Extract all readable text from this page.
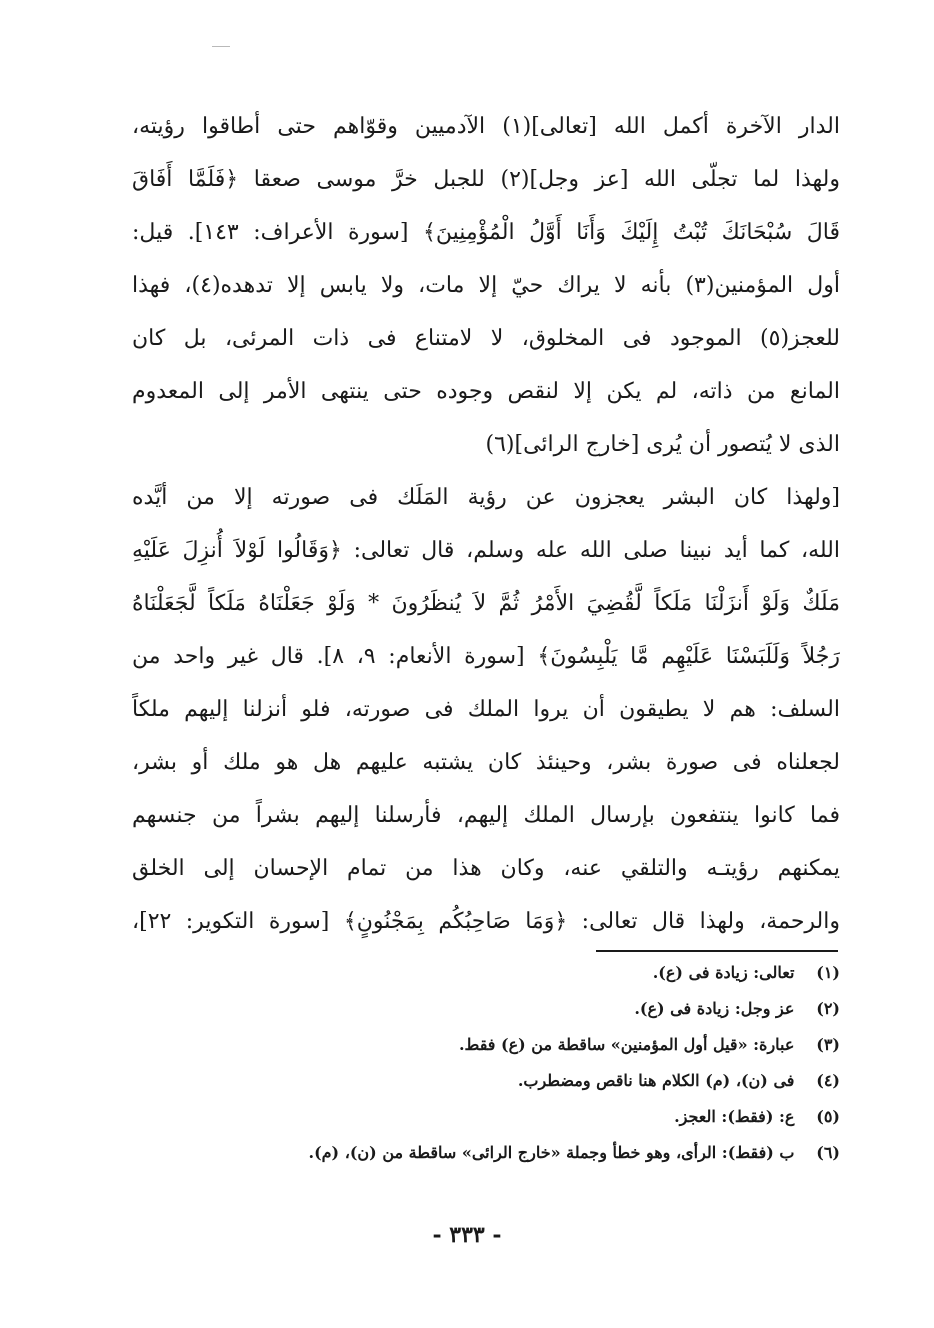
الدار الآخرة أكمل الله [تعالى](١) الآدميين وقوّاهم حتى أطاقوا رؤيته،
ولهذا لما تجلّى الله [عز وجل](٢) للجبل خرَّ موسى صعقا ﴿فَلَمَّا أَفَاقَ
قَالَ سُبْحَانَكَ تُبْتُ إِلَيْكَ وَأَنَا أَوَّلُ الْمُؤْمِنِينَ﴾ [سورة الأعراف: ١٤٣]. قيل:
أول المؤمنين(٣) بأنه لا يراك حيّ إلا مات، ولا يابس إلا تدهده(٤)، فهذا
للعجز(٥) الموجود فى المخلوق، لا لامتناع فى ذات المرئى، بل كان
المانع من ذاته، لم يكن إلا لنقص وجوده حتى ينتهى الأمر إلى المعدوم
الذى لا يُتصور أن يُرى [خارج الرائى](٦)
[ولهذا كان البشر يعجزون عن رؤية المَلَك فى صورته إلا من أيَّده
الله، كما أيد نبينا صلى الله عله وسلم، قال تعالى: ﴿وَقَالُوا لَوْلاَ أُنزِلَ عَلَيْهِ
مَلَكٌ وَلَوْ أَنزَلْنَا مَلَكاً لَّقُضِيَ الأَمْرُ ثُمَّ لاَ يُنظَرُونَ * وَلَوْ جَعَلْنَاهُ مَلَكاً لَّجَعَلْنَاهُ
رَجُلاً وَلَلَبَسْنَا عَلَيْهِم مَّا يَلْبِسُونَ﴾ [سورة الأنعام: ٩، ٨]. قال غير واحد من
السلف: هم لا يطيقون أن يروا الملك فى صورته، فلو أنزلنا إليهم ملكاً
لجعلناه فى صورة بشر، وحينئذ كان يشتبه عليهم هل هو ملك أو بشر،
فما كانوا ينتفعون بإرسال الملك إليهم، فأرسلنا إليهم بشراً من جنسهم
يمكنهم رؤيتـه والتلقي عنه، وكان هذا من تمام الإحسان إلى الخلق
والرحمة، ولهذا قال تعالى: ﴿وَمَا صَاحِبُكُم بِمَجْنُونٍ﴾ [سورة التكوير: ٢٢]،
(١) تعالى: زيادة فى (ع).
(٢) عز وجل: زيادة فى (ع).
(٣) عبارة: «قيل أول المؤمنين» ساقطة من (ع) فقط.
(٤) فى (ن)، (م) الكلام هنا ناقص ومضطرب.
(٥) ع: (فقط): العجز.
(٦) ب (فقط): الرأى، وهو خطأ وجملة «خارج الرائى» ساقطة من (ن)، (م).
- ٣٣٣ -
